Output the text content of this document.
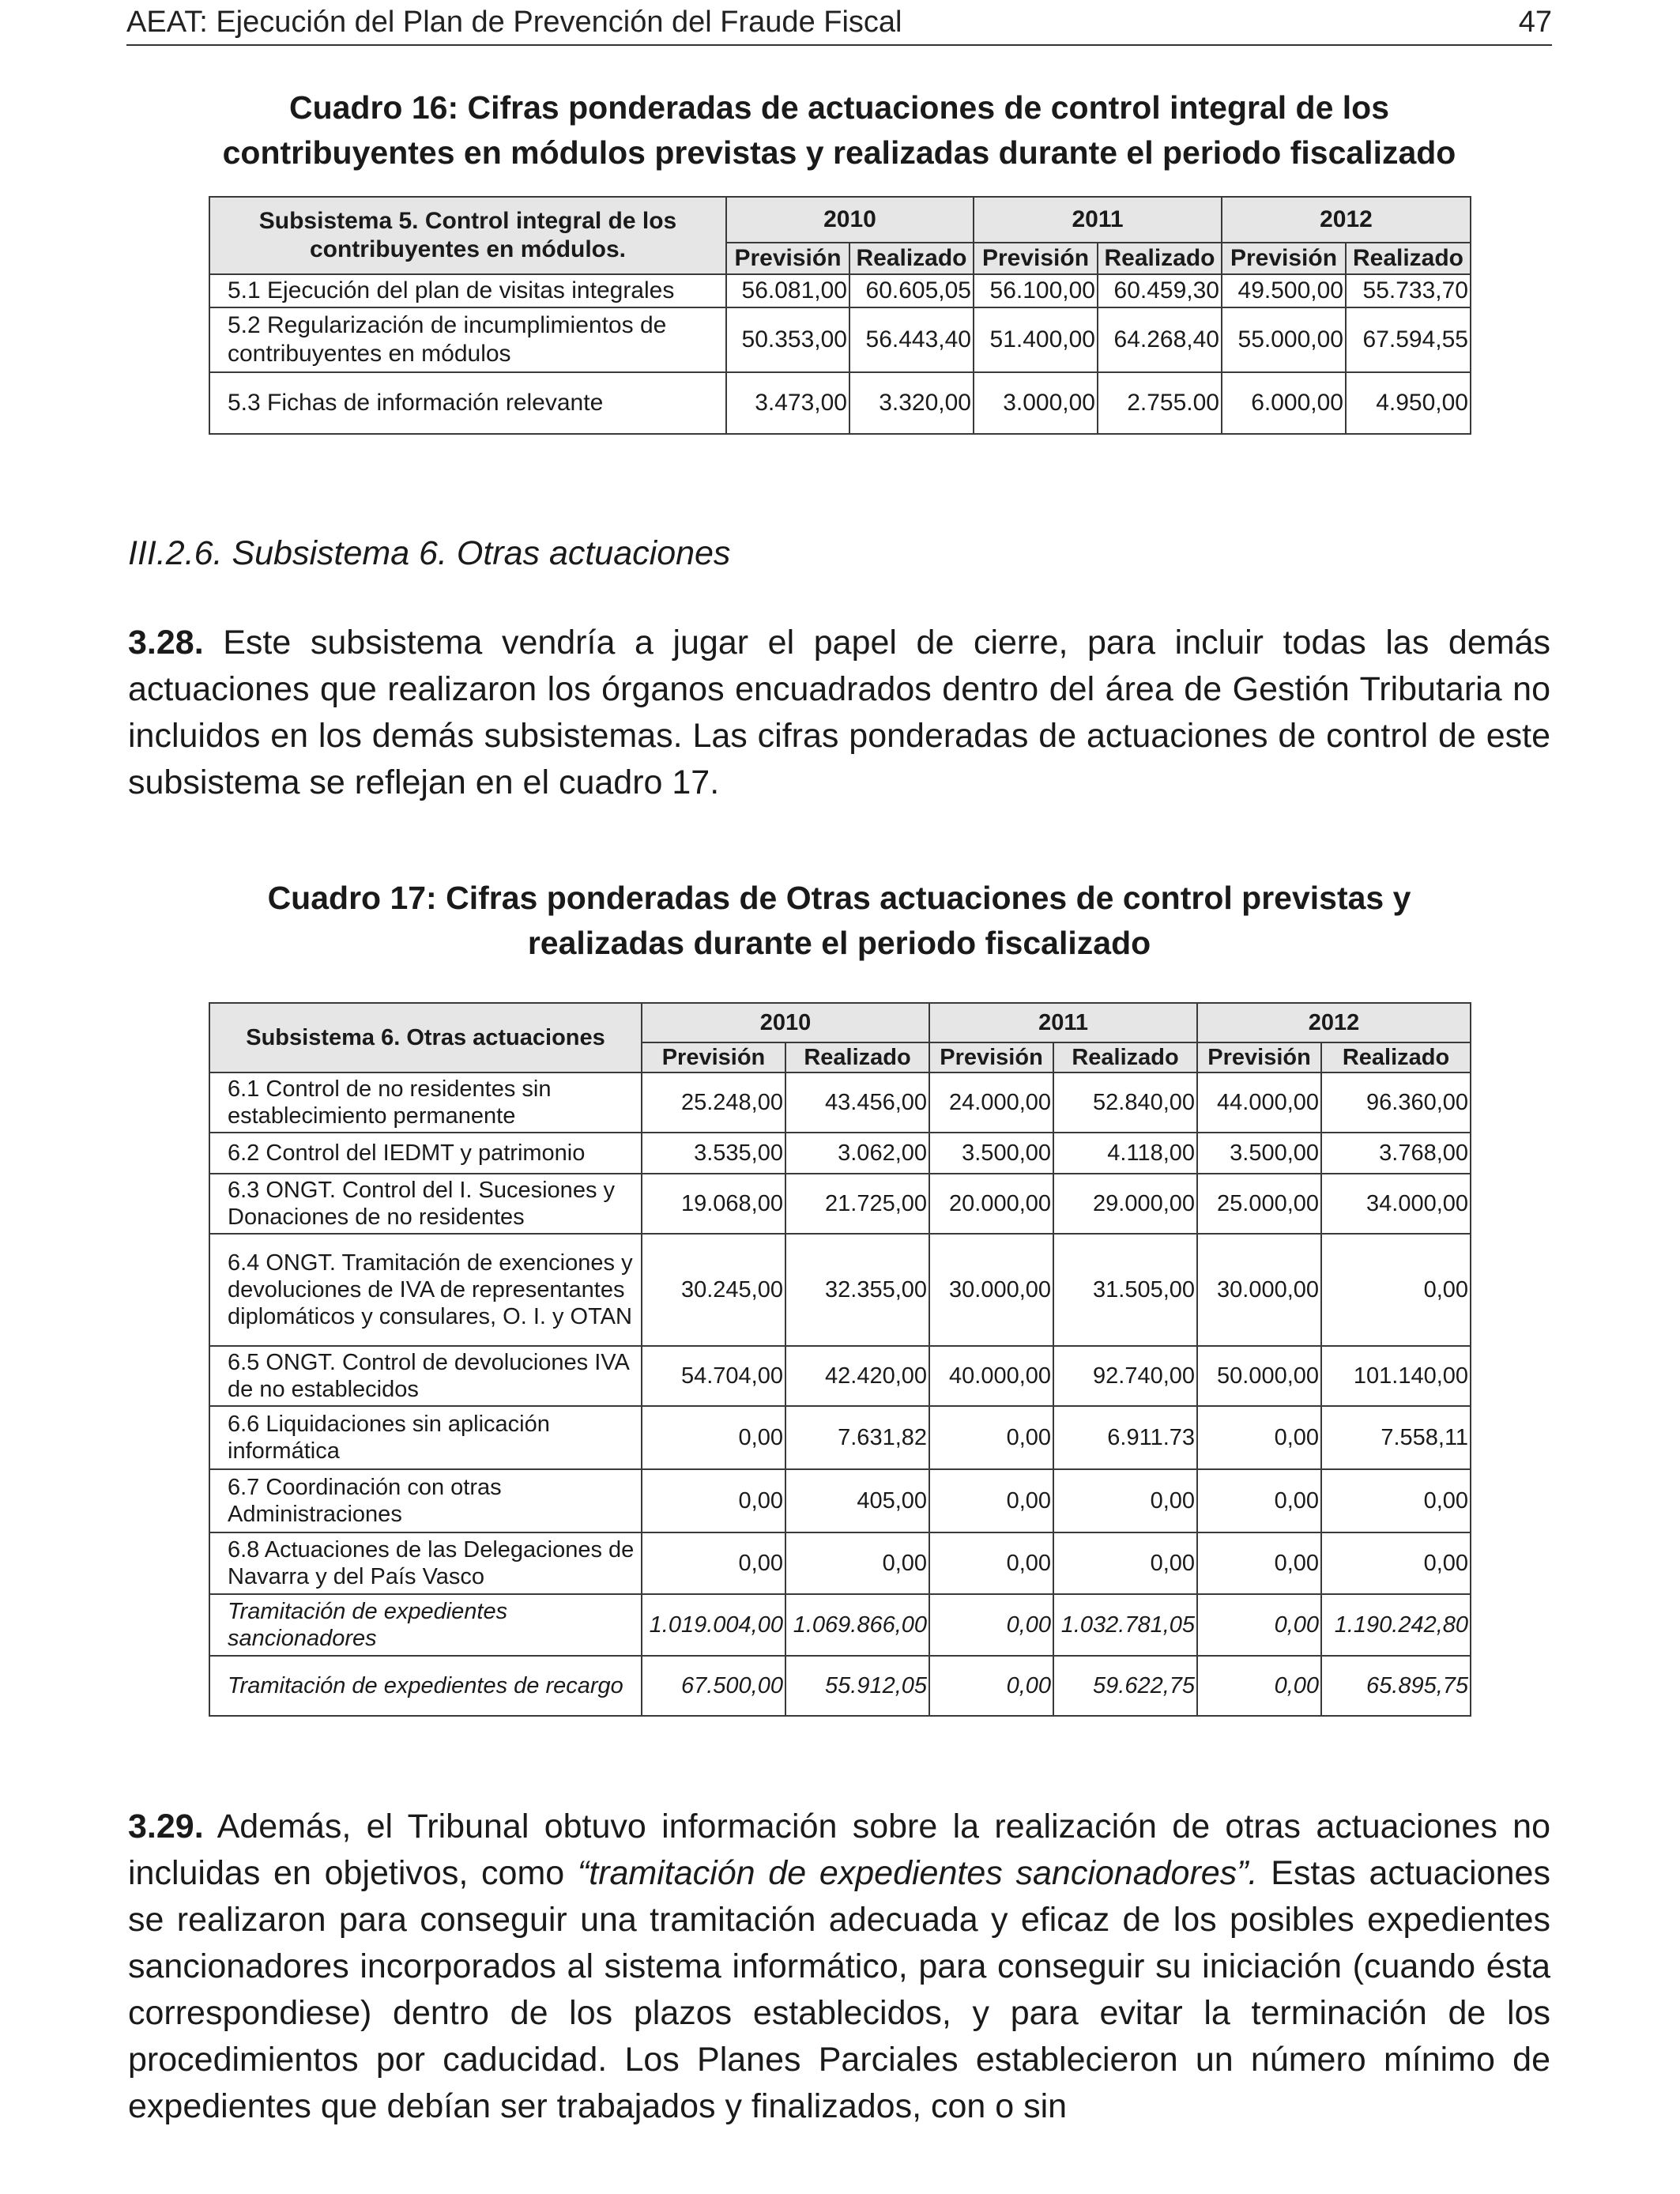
AEAT: Ejecución del Plan de Prevención del Fraude Fiscal	47
Cuadro 16: Cifras ponderadas de actuaciones de control integral de los
contribuyentes en módulos previstas y realizadas durante el periodo fiscalizado
Subsistema 5. Control integral de los contribuyentes en módulos.	2010		2011		2012	
	Previsión	Realizado	Previsión	Realizado	Previsión	Realizado
5.1 Ejecución del plan de visitas integrales	56.081,00	60.605,05	56.100,00	60.459,30	49.500,00	55.733,70
5.2 Regularización de incumplimientos de contribuyentes en módulos	50.353,00	56.443,40	51.400,00	64.268,40	55.000,00	67.594,55
5.3 Fichas de información relevante	3.473,00	3.320,00	3.000,00	2.755.00	6.000,00	4.950,00
III.2.6. Subsistema 6. Otras actuaciones
3.28. Este subsistema vendría a jugar el papel de cierre, para incluir todas las demás actuaciones que realizaron los órganos encuadrados dentro del área de Gestión Tributaria no incluidos en los demás subsistemas. Las cifras ponderadas de actuaciones de control de este subsistema se reflejan en el cuadro 17.
Cuadro 17: Cifras ponderadas de Otras actuaciones de control previstas y
realizadas durante el periodo fiscalizado
Subsistema 6. Otras actuaciones	2010		2011		2012	
	Previsión	Realizado	Previsión	Realizado	Previsión	Realizado
6.1 Control de no residentes sin establecimiento permanente	25.248,00	43.456,00	24.000,00	52.840,00	44.000,00	96.360,00
6.2 Control del IEDMT y patrimonio	3.535,00	3.062,00	3.500,00	4.118,00	3.500,00	3.768,00
6.3 ONGT. Control del I. Sucesiones y Donaciones de no residentes	19.068,00	21.725,00	20.000,00	29.000,00	25.000,00	34.000,00
6.4 ONGT. Tramitación de exenciones y devoluciones de IVA de representantes diplomáticos y consulares, O. I. y OTAN	30.245,00	32.355,00	30.000,00	31.505,00	30.000,00	0,00
6.5 ONGT. Control de devoluciones IVA de no establecidos	54.704,00	42.420,00	40.000,00	92.740,00	50.000,00	101.140,00
6.6 Liquidaciones sin aplicación informática	0,00	7.631,82	0,00	6.911.73	0,00	7.558,11
6.7 Coordinación con otras Administraciones	0,00	405,00	0,00	0,00	0,00	0,00
6.8 Actuaciones de las Delegaciones de Navarra y del País Vasco	0,00	0,00	0,00	0,00	0,00	0,00
Tramitación de expedientes sancionadores	1.019.004,00	1.069.866,00	0,00	1.032.781,05	0,00	1.190.242,80
Tramitación de expedientes de recargo	67.500,00	55.912,05	0,00	59.622,75	0,00	65.895,75
3.29. Además, el Tribunal obtuvo información sobre la realización de otras actuaciones no incluidas en objetivos, como “tramitación de expedientes sancionadores”. Estas actuaciones se realizaron para conseguir una tramitación adecuada y eficaz de los posibles expedientes sancionadores incorporados al sistema informático, para conseguir su iniciación (cuando ésta correspondiese) dentro de los plazos establecidos, y para evitar la terminación de los procedimientos por caducidad. Los Planes Parciales establecieron un número mínimo de expedientes que debían ser trabajados y finalizados, con o sin
